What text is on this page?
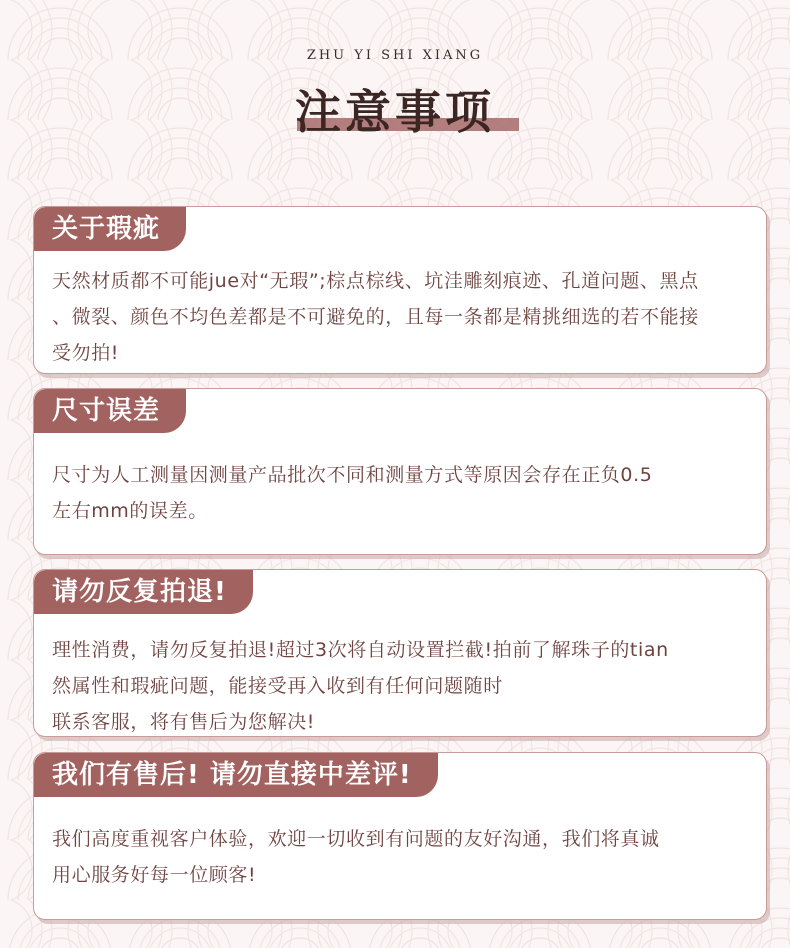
ZHU YI SHI XIANG
注意事项
关于瑕疵
天然材质都不可能jue对“无瑕”;棕点棕线、坑洼雕刻痕迹、孔道问题、黑点
、微裂、颜色不均色差都是不可避免的，且每一条都是精挑细选的若不能接
受勿拍!
尺寸误差
尺寸为人工测量因测量产品批次不同和测量方式等原因会存在正负0.5
左右mm的误差。
请勿反复拍退!
理性消费，请勿反复拍退!超过3次将自动设置拦截!拍前了解珠子的tian
然属性和瑕疵问题，能接受再入收到有任何问题随时
联系客服，将有售后为您解决!
我们有售后! 请勿直接中差评!
我们高度重视客户体验，欢迎一切收到有问题的友好沟通，我们将真诚
用心服务好每一位顾客!
